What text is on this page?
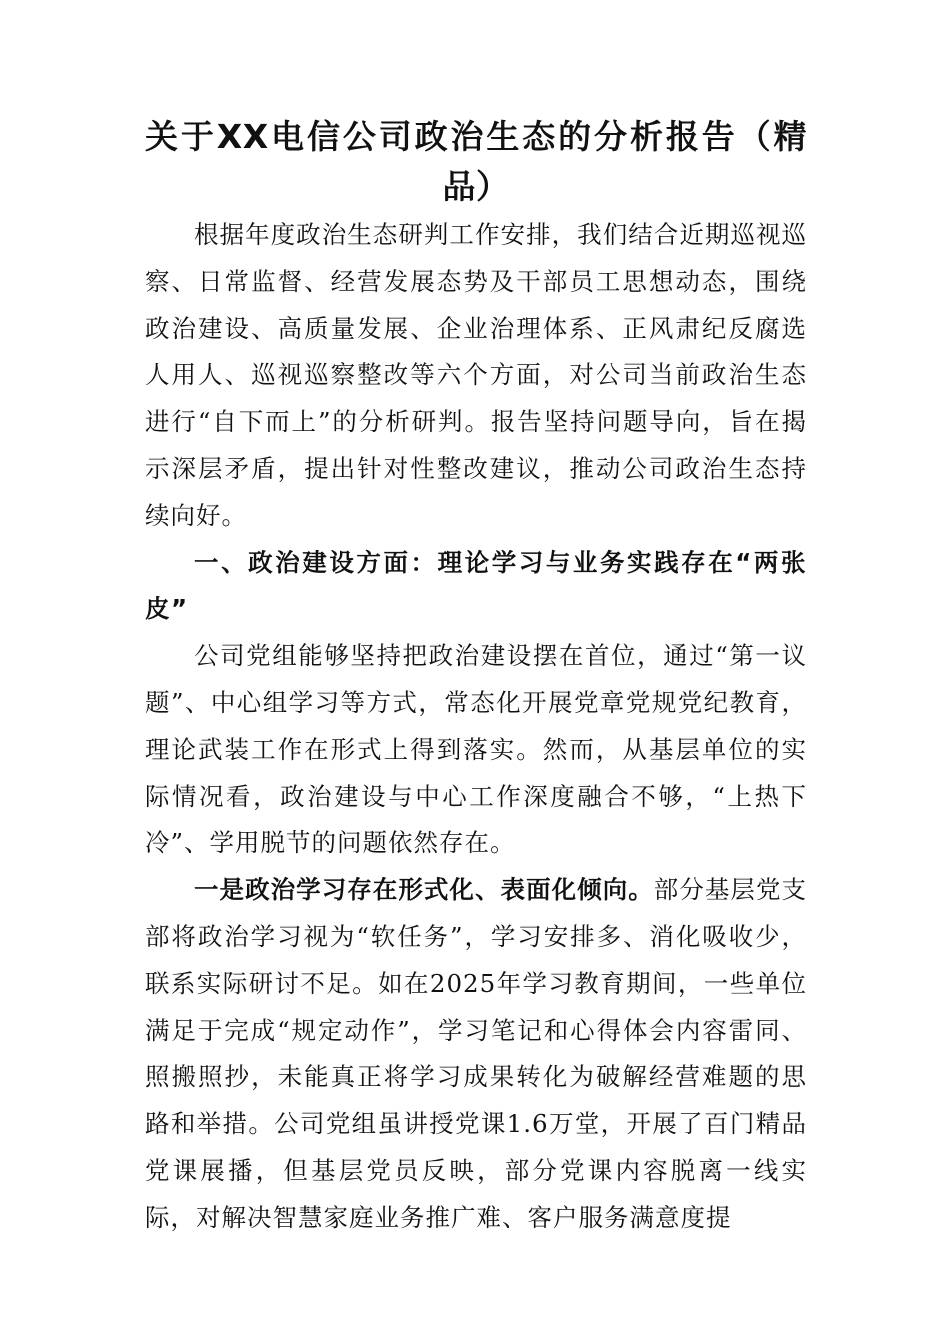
关于XX电信公司政治生态的分析报告（精品）

根据年度政治生态研判工作安排，我们结合近期巡视巡察、日常监督、经营发展态势及干部员工思想动态，围绕政治建设、高质量发展、企业治理体系、正风肃纪反腐选人用人、巡视巡察整改等六个方面，对公司当前政治生态进行“自下而上”的分析研判。报告坚持问题导向，旨在揭示深层矛盾，提出针对性整改建议，推动公司政治生态持续向好。

一、政治建设方面：理论学习与业务实践存在“两张皮”

公司党组能够坚持把政治建设摆在首位，通过“第一议题”、中心组学习等方式，常态化开展党章党规党纪教育，理论武装工作在形式上得到落实。然而，从基层单位的实际情况看，政治建设与中心工作深度融合不够，“上热下冷”、学用脱节的问题依然存在。

一是政治学习存在形式化、表面化倾向。部分基层党支部将政治学习视为“软任务”，学习安排多、消化吸收少，联系实际研讨不足。如在2025年学习教育期间，一些单位满足于完成“规定动作”，学习笔记和心得体会内容雷同、照搬照抄，未能真正将学习成果转化为破解经营难题的思路和举措。公司党组虽讲授党课1.6万堂，开展了百门精品党课展播，但基层党员反映，部分党课内容脱离一线实际，对解决智慧家庭业务推广难、客户服务满意度提
